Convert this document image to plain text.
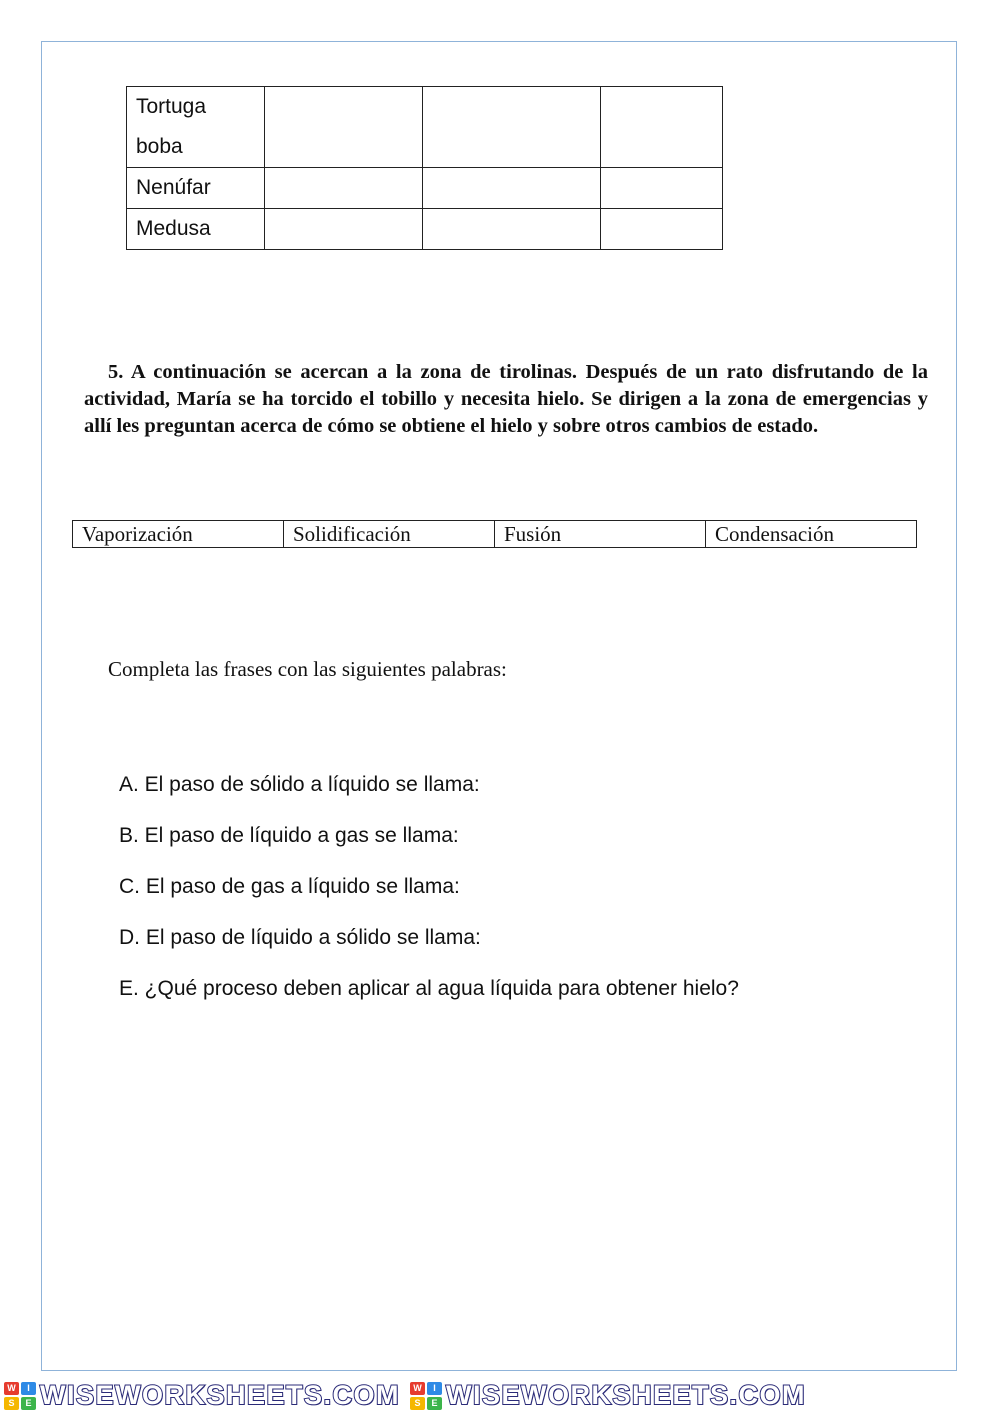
Tortuga boba			
Nenúfar			
Medusa			

5. A continuación se acercan a la zona de tirolinas. Después de un rato disfrutando de la actividad, María se ha torcido el tobillo y necesita hielo. Se dirigen a la zona de emergencias y allí les preguntan acerca de cómo se obtiene el hielo y sobre otros cambios de estado.

Vaporización	Solidificación	Fusión	Condensación

Completa las frases con las siguientes palabras:

A. El paso de sólido a líquido se llama:
B. El paso de líquido a gas se llama:
C. El paso de gas a líquido se llama:
D. El paso de líquido a sólido se llama:
E. ¿Qué proceso deben aplicar al agua líquida para obtener hielo?
W	I
S	E WISEWORKSHEETS.COM	W	I
S	E WISEWORKSHEETS.COM
